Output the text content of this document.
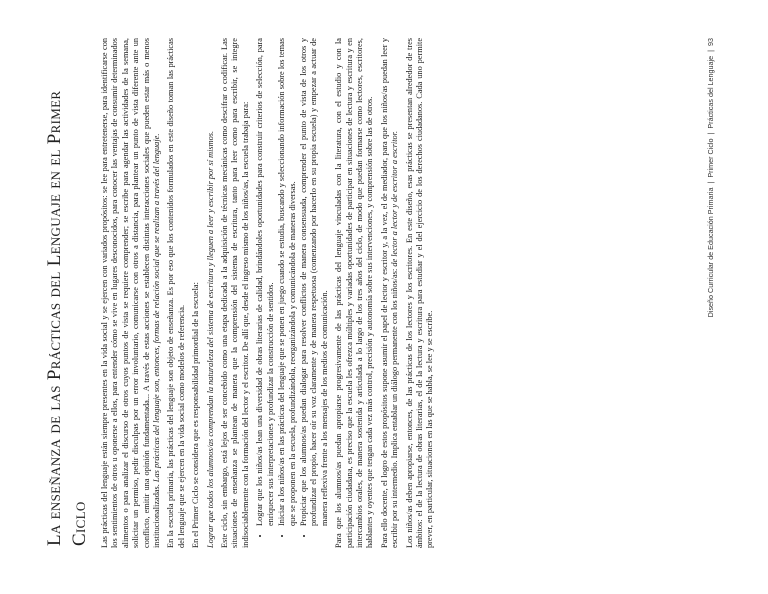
La enseñanza de las Prácticas del Lenguaje en el Primer Ciclo Las prácticas del lenguaje están siempre presentes en la vida social y se ejercen con variados propósitos: se lee para entretenerse, para identificarse con los sentimientos de otros u oponerse a ellos, para entender cómo se vive en lugares desconocidos, para conocer las ventajas de consumir determinados alimentos o para analizar el discurso de otros cuyos puntos de vista se requiere comprender; se escribe para agendar las actividades de la semana, solicitar un permiso, pedir disculpas por un error involuntario, comunicarse con otros a distancia, para plantear un punto de vista diferente ante un conflicto, emitir una opinión fundamentada... A través de estas acciones se establecen distintas interacciones sociales que pueden estar más o menos institucionalizadas. Las prácticas del lenguaje son, entonces, formas de relación social que se realizan a través del lenguaje. En la escuela primaria, las prácticas del lenguaje son objeto de enseñanza. Es por eso que los contenidos formulados en este diseño toman las prácticas del lenguaje que se ejercen en la vida social como modelos de referencia. En el Primer Ciclo se considera que es responsabilidad primordial de la escuela: Lograr que todos los alumnos/as comprendan la naturaleza del sistema de escritura y lleguen a leer y escribir por sí mismos. Este ciclo, sin embargo, está lejos de ser concebido como una etapa dedicada a la adquisición de técnicas mecánicas como descifrar o codificar. Las situaciones de enseñanza se plantean de manera que la comprensión del sistema de escritura, tanto para leer como para escribir, se integre indisociablemente con la formación del lector y el escritor. De allí que, desde el ingreso mismo de los niños/as, la escuela trabaja para: • Lograr que los niños/as lean una diversidad de obras literarias de calidad, brindándoles oportunidades para construir criterios de selección, para enriquecer sus interpretaciones y profundizar la construcción de sentidos. • Iniciar a los niños/as en las prácticas del lenguaje que se ponen en juego cuando se estudia, buscando y seleccionando información sobre los temas que se proponen en la escuela, profundizándola, reorganizándola y comunicándola de maneras diversas. • Propiciar que los alumnos/as puedan dialogar para resolver conflictos de manera consensuada, comprender el punto de vista de los otros y profundizar el propio, hacer oír su voz claramente y de manera respetuosa (comenzando por hacerlo en su propia escuela) y empezar a actuar de manera reflexiva frente a los mensajes de los medios de comunicación. Para que los alumnos/as puedan apropiarse progresivamente de las prácticas del lenguaje vinculadas con la literatura, con el estudio y con la participación ciudadana, es preciso que la escuela les ofrezca múltiples y variadas oportunidades de participar en situaciones de lectura y escritura y en intercambios orales, de manera sostenida y articulada a lo largo de los tres años del ciclo, de modo que puedan formarse como lectores, escritores, hablantes y oyentes que tengan cada vez más control, precisión y autonomía sobre sus intervenciones, y comprensión sobre las de otros. Para ello docente, el logro de estos propósitos supone asumir el papel de lector y escritor y, a la vez, el de mediador, para que los niños/as puedan leer y escribir por su intermedio. Implica entablar un diálogo permanente con los niños/as: de lector a lector y de escritor a escritor. Los niños/as deben apropiarse, entonces, de las prácticas de los lectores y los escritores. En este diseño, esas prácticas se presentan alrededor de tres ámbitos: el de la lectura de obras literarias, el de la lectura y escritura para estudiar y el del ejercicio de los derechos ciudadanos. Cada uno permite prever, en particular, situaciones en las que se habla, se lee y se escribe.

Diseño Curricular de Educación Primaria|Primer Ciclo|Prácticas del Lenguaje|93
